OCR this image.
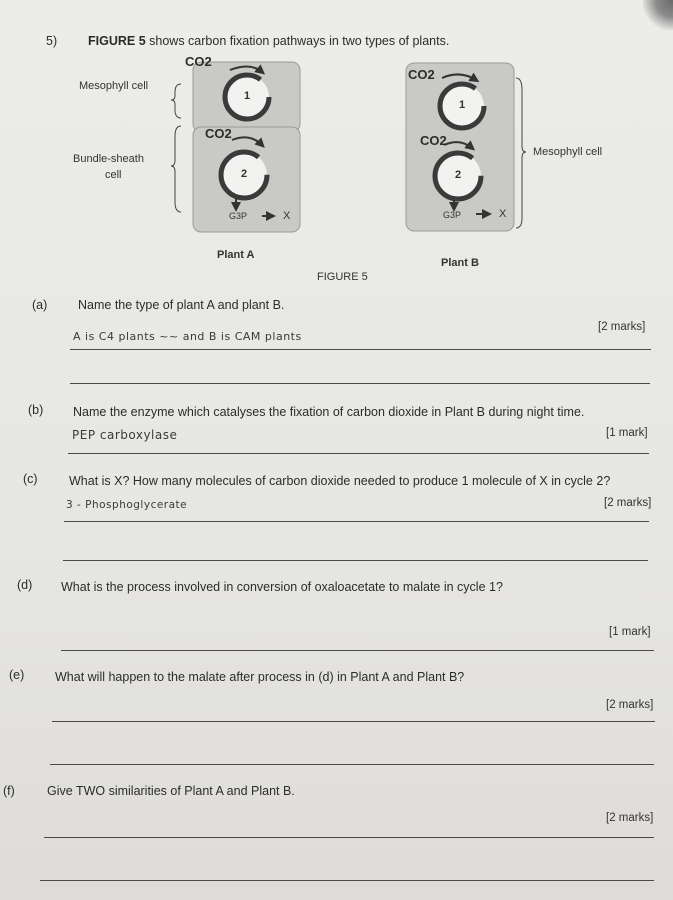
5) FIGURE 5 shows carbon fixation pathways in two types of plants.
CO2
CO2
1
2
G3P	X
Mesophyll cell
Bundle-sheath
cell
Plant A
CO2
CO2
1
2
G3P	X
Mesophyll cell
Plant B
FIGURE 5
(a) Name the type of plant A and plant B.
[2 marks]
A is C4 plants ~~ and B is CAM plants
(b) Name the enzyme which catalyses the fixation of carbon dioxide in Plant B during night time.
[1 mark]
PEP carboxylase
(c)	What is X? How many molecules of carbon dioxide needed to produce 1 molecule of X in cycle 2?
[2 marks]
3 - Phosphoglycerate
(d) What is the process involved in conversion of oxaloacetate to malate in cycle 1?
[1 mark]
(e) What will happen to the malate after process in (d) in Plant A and Plant B?
[2 marks]
(f)	Give TWO similarities of Plant A and Plant B.
[2 marks]
